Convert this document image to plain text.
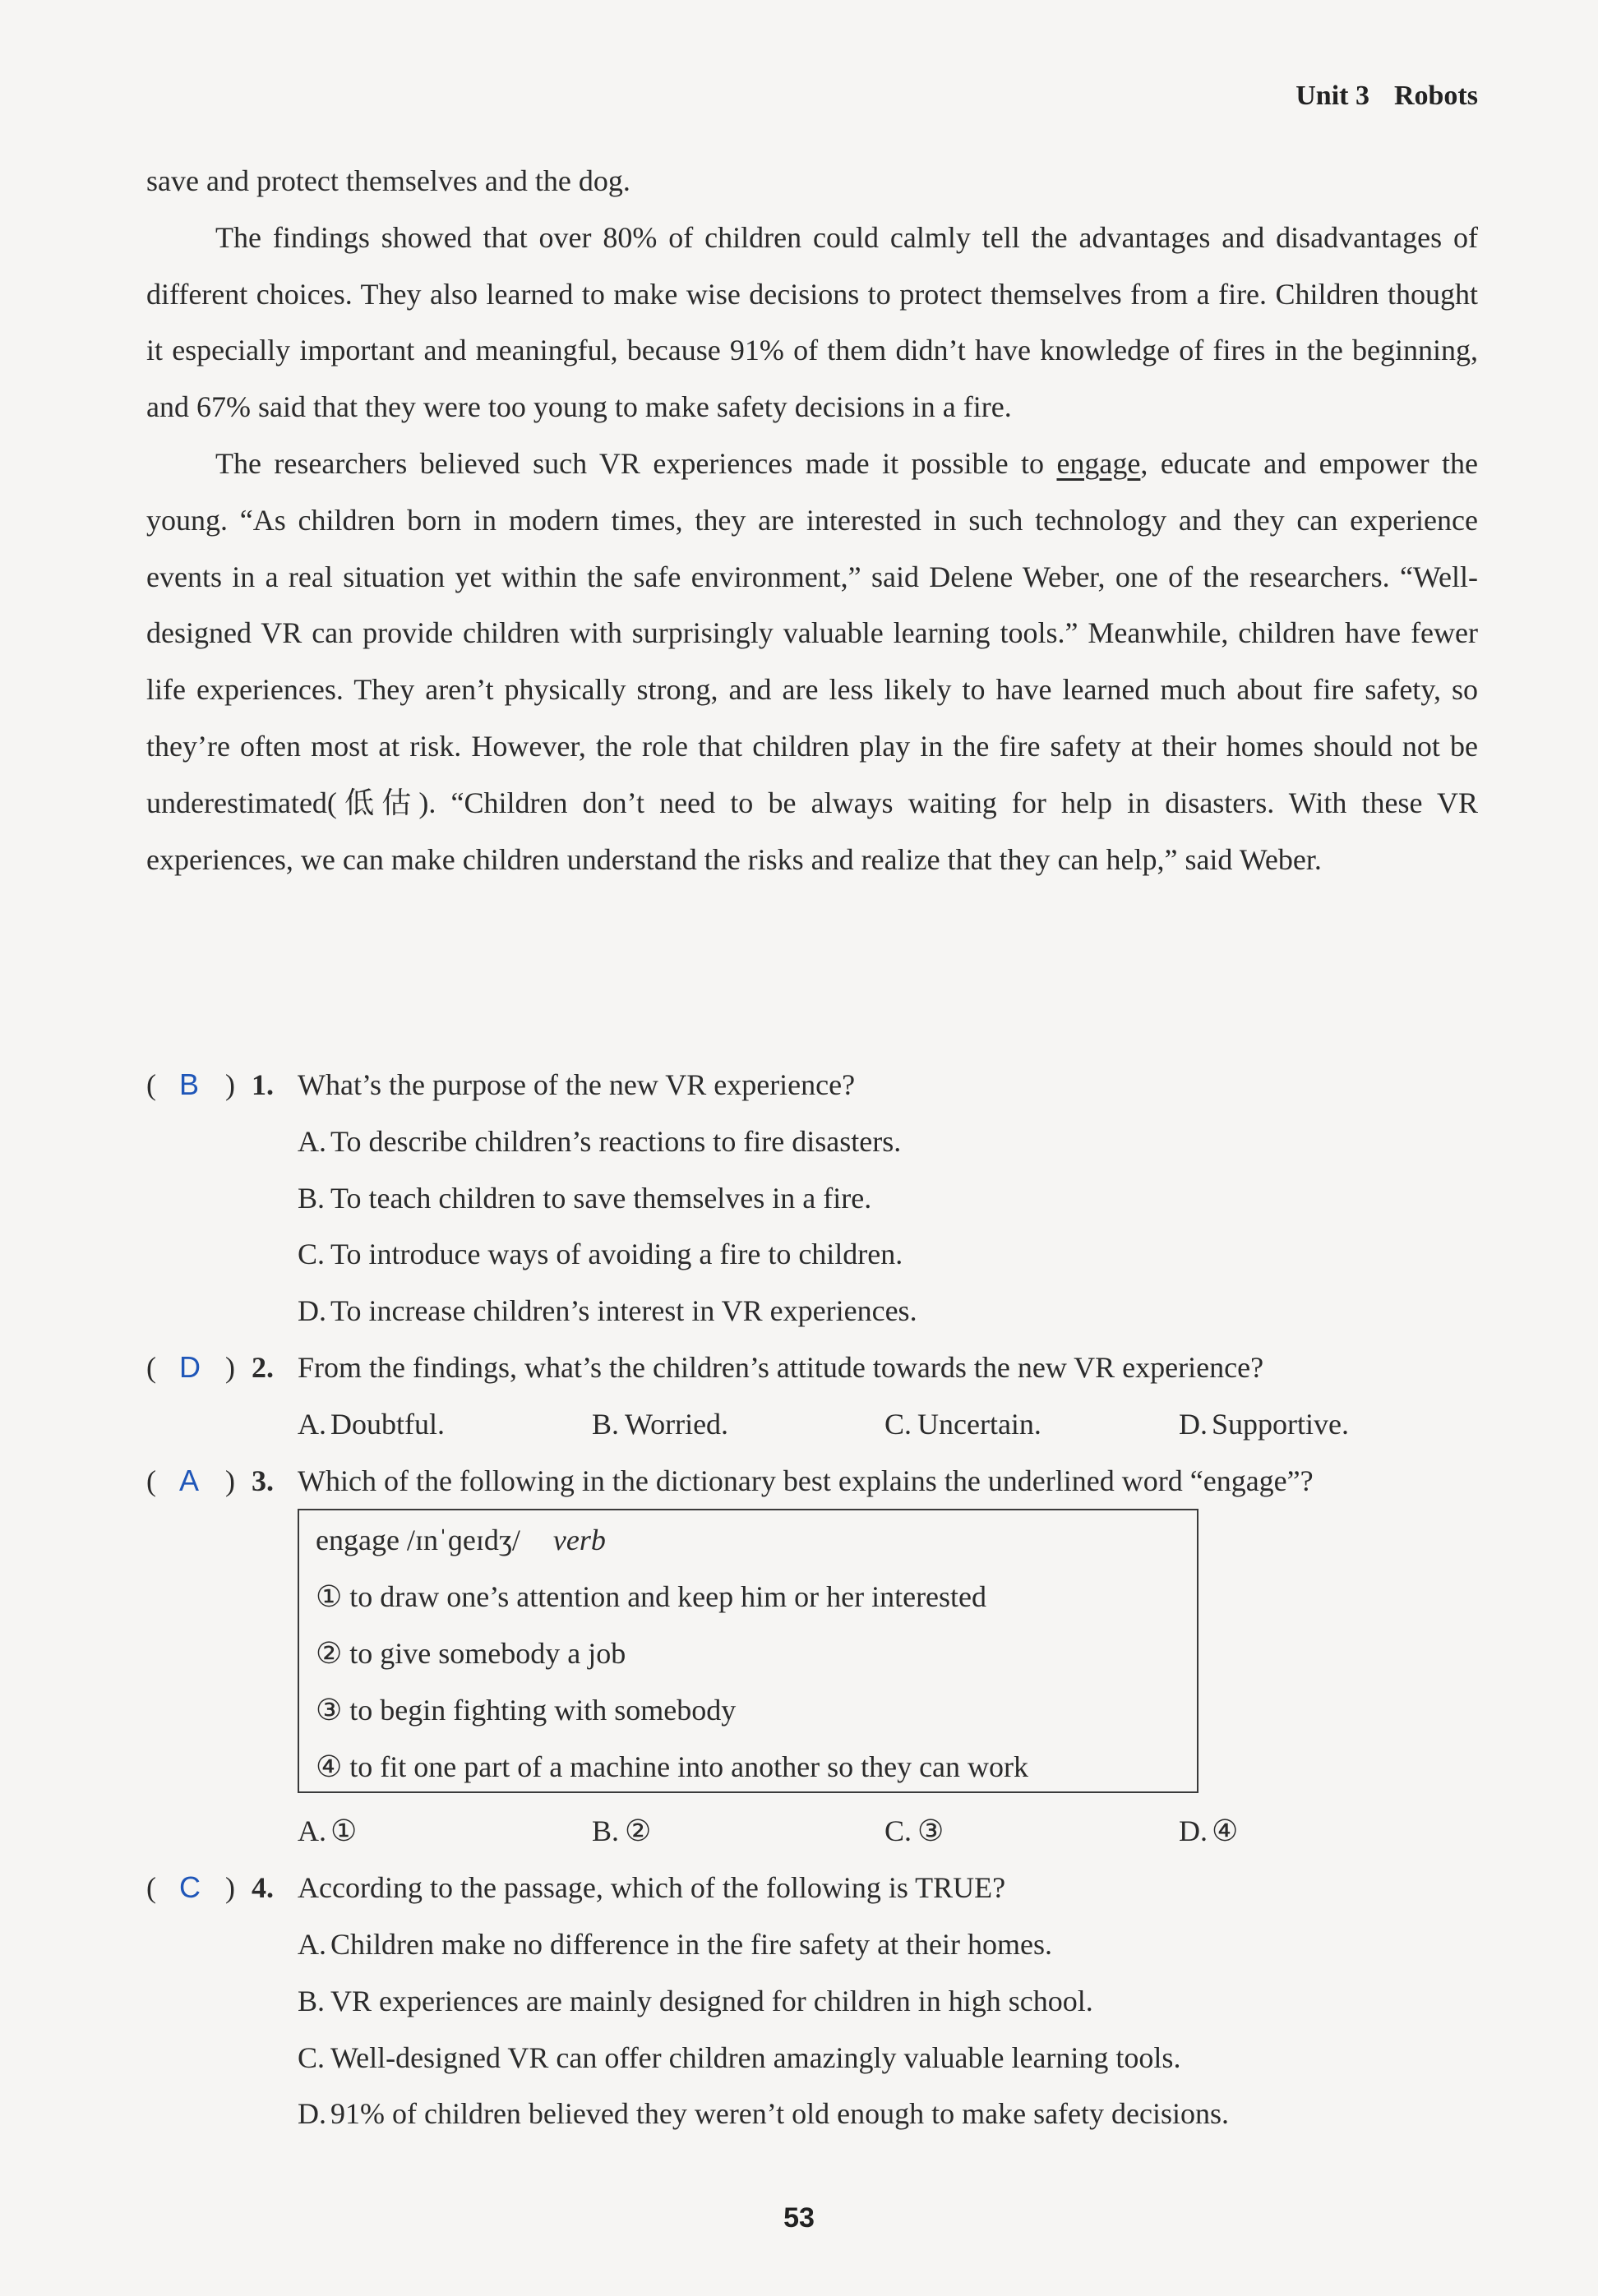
Unit 3 Robots

save and protect themselves and the dog.

The findings showed that over 80% of children could calmly tell the advantages and disadvantages of different choices. They also learned to make wise decisions to protect themselves from a fire. Children thought it especially important and meaningful, because 91% of them didn’t have knowledge of fires in the beginning, and 67% said that they were too young to make safety decisions in a fire.

The researchers believed such VR experiences made it possible to engage, educate and empower the young. “As children born in modern times, they are interested in such technology and they can experience events in a real situation yet within the safe environment,” said Delene Weber, one of the researchers. “Well-designed VR can provide children with surprisingly valuable learning tools.” Meanwhile, children have fewer life experiences. They aren’t physically strong, and are less likely to have learned much about fire safety, so they’re often most at risk. However, the role that children play in the fire safety at their homes should not be underestimated(低估). “Children don’t need to be always waiting for help in disasters. With these VR experiences, we can make children understand the risks and realize that they can help,” said Weber.

( B ) 1. What’s the purpose of the new VR experience?
A. To describe children’s reactions to fire disasters.
B. To teach children to save themselves in a fire.
C. To introduce ways of avoiding a fire to children.
D. To increase children’s interest in VR experiences.
( D ) 2. From the findings, what’s the children’s attitude towards the new VR experience?
A. Doubtful.	B. Worried.	C. Uncertain.	D. Supportive.
( A ) 3. Which of the following in the dictionary best explains the underlined word “engage”?
engage /ɪnˈɡeɪdʒ/ verb
① to draw one’s attention and keep him or her interested
② to give somebody a job
③ to begin fighting with somebody
④ to fit one part of a machine into another so they can work
A. ①	B. ②	C. ③	D. ④
( C ) 4. According to the passage, which of the following is TRUE?
A. Children make no difference in the fire safety at their homes.
B. VR experiences are mainly designed for children in high school.
C. Well-designed VR can offer children amazingly valuable learning tools.
D. 91% of children believed they weren’t old enough to make safety decisions.
53
